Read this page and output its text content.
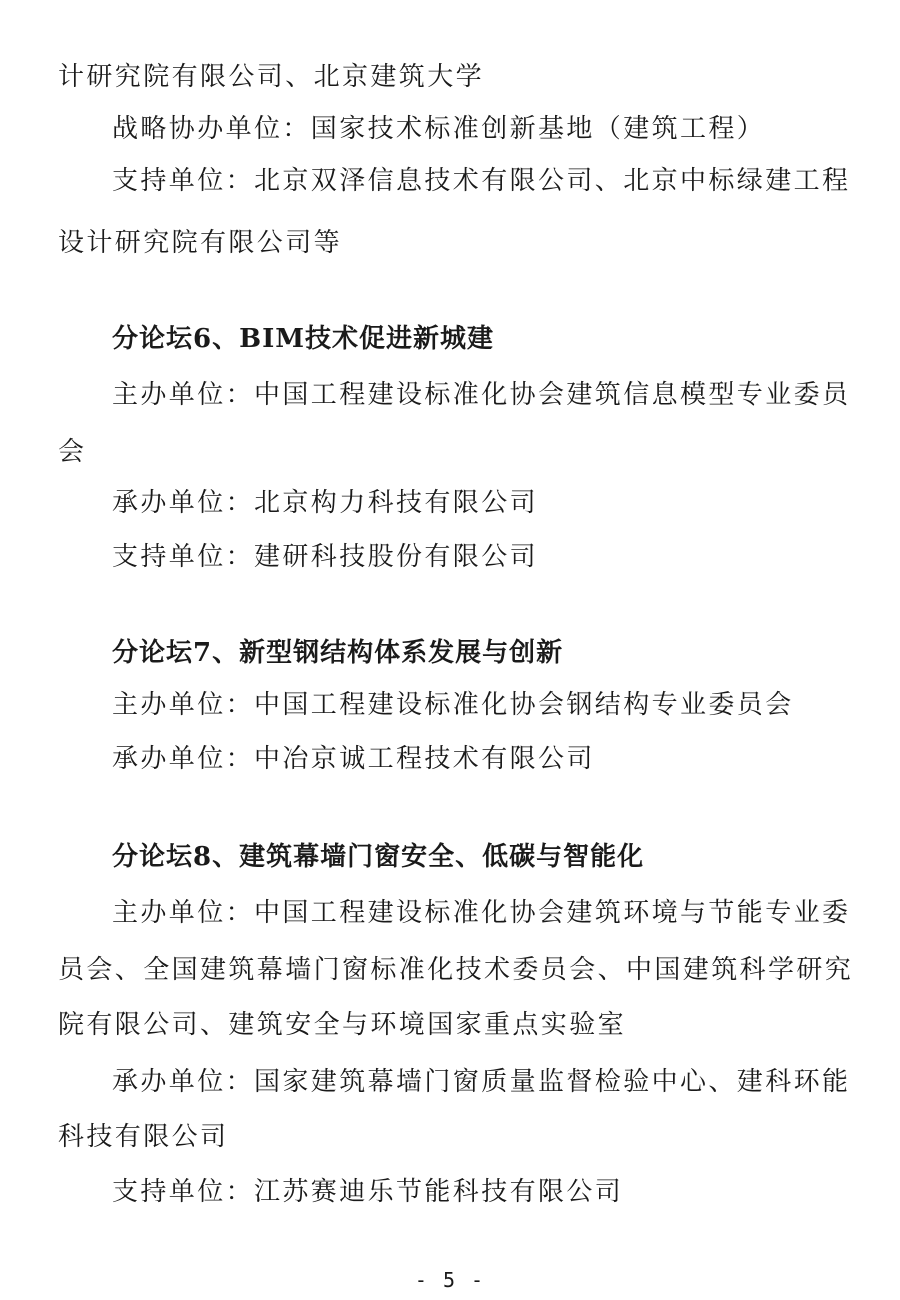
计研究院有限公司、北京建筑大学
战略协办单位：国家技术标准创新基地（建筑工程）
支持单位：北京双泽信息技术有限公司、北京中标绿建工程
设计研究院有限公司等
分论坛6、BIM技术促进新城建
主办单位：中国工程建设标准化协会建筑信息模型专业委员
会
承办单位：北京构力科技有限公司
支持单位：建研科技股份有限公司
分论坛7、新型钢结构体系发展与创新
主办单位：中国工程建设标准化协会钢结构专业委员会
承办单位：中冶京诚工程技术有限公司
分论坛8、建筑幕墙门窗安全、低碳与智能化
主办单位：中国工程建设标准化协会建筑环境与节能专业委
员会、全国建筑幕墙门窗标准化技术委员会、中国建筑科学研究
院有限公司、建筑安全与环境国家重点实验室
承办单位：国家建筑幕墙门窗质量监督检验中心、建科环能
科技有限公司
支持单位：江苏赛迪乐节能科技有限公司
- 5 -
